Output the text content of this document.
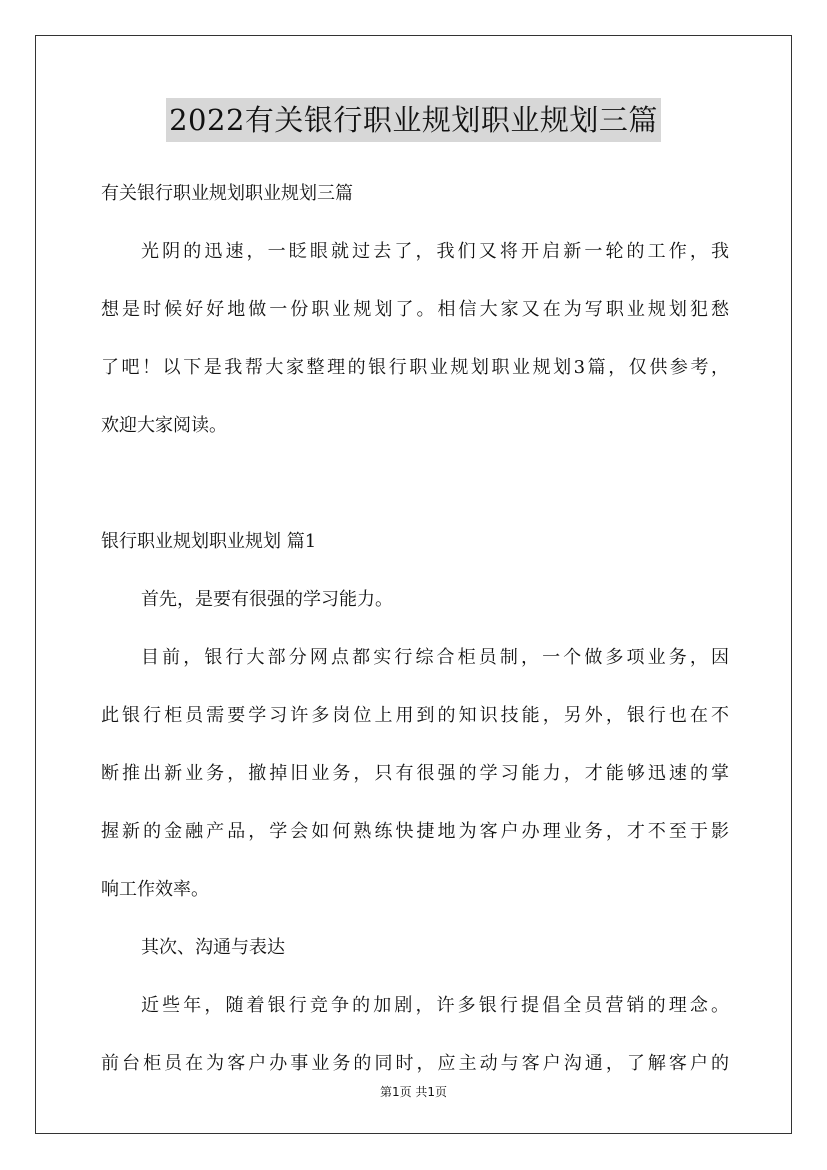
2022有关银行职业规划职业规划三篇
有关银行职业规划职业规划三篇
光阴的迅速，一眨眼就过去了，我们又将开启新一轮的工作，我
想是时候好好地做一份职业规划了。相信大家又在为写职业规划犯愁
了吧！以下是我帮大家整理的银行职业规划职业规划3篇，仅供参考，
欢迎大家阅读。
银行职业规划职业规划 篇1
首先，是要有很强的学习能力。
目前，银行大部分网点都实行综合柜员制，一个做多项业务，因
此银行柜员需要学习许多岗位上用到的知识技能，另外，银行也在不
断推出新业务，撤掉旧业务，只有很强的学习能力，才能够迅速的掌
握新的金融产品，学会如何熟练快捷地为客户办理业务，才不至于影
响工作效率。
其次、沟通与表达
近些年，随着银行竞争的加剧，许多银行提倡全员营销的理念。
前台柜员在为客户办事业务的同时，应主动与客户沟通，了解客户的
第1页 共1页
